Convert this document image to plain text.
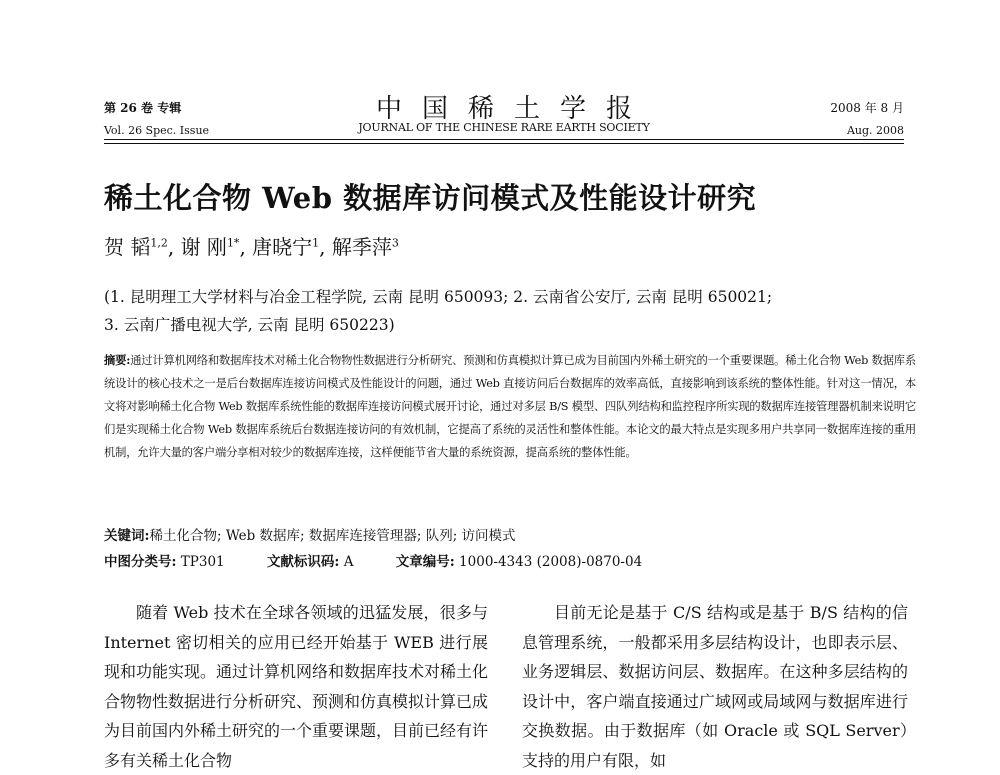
第 26 卷 专辑	中国稀土学报	2008 年 8 月
Vol. 26 Spec. Issue	JOURNAL OF THE CHINESE RARE EARTH SOCIETY	Aug. 2008
稀土化合物 Web 数据库访问模式及性能设计研究
贺 韬$^{1,2}$, 谢 刚$^{1*}$, 唐晓宁$^1$, 解季萍$^3$
(1. 昆明理工大学材料与冶金工程学院, 云南 昆明 650093; 2. 云南省公安厅, 云南 昆明 650021;
3. 云南广播电视大学, 云南 昆明 650223)
摘要:通过计算机网络和数据库技术对稀土化合物物性数据进行分析研究、预测和仿真模拟计算已成为目前国内外稀土研究的一个重要课题。稀土化合物 Web 数据库系统设计的核心技术之一是后台数据库连接访问模式及性能设计的问题，通过 Web 直接访问后台数据库的效率高低，直接影响到该系统的整体性能。针对这一情况，本文将对影响稀土化合物 Web 数据库系统性能的数据库连接访问模式展开讨论，通过对多层 B/S 模型、四队列结构和监控程序所实现的数据库连接管理器机制来说明它们是实现稀土化合物 Web 数据库系统后台数据连接访问的有效机制，它提高了系统的灵活性和整体性能。本论文的最大特点是实现多用户共享同一数据库连接的重用机制，允许大量的客户端分享相对较少的数据库连接，这样便能节省大量的系统资源，提高系统的整体性能。
关键词:稀土化合物; Web 数据库; 数据库连接管理器; 队列; 访问模式
中图分类号: TP301	文献标识码: A	文章编号: 1000-4343 (2008)-0870-04

随着 Web 技术在全球各领域的迅猛发展，很多与 Internet 密切相关的应用已经开始基于 WEB 进行展现和功能实现。通过计算机网络和数据库技术对稀土化合物物性数据进行分析研究、预测和仿真模拟计算已成为目前国内外稀土研究的一个重要课题，目前已经有许多有关稀土化合物

目前无论是基于 C/S 结构或是基于 B/S 结构的信息管理系统，一般都采用多层结构设计，也即表示层、业务逻辑层、数据访问层、数据库。在这种多层结构的设计中，客户端直接通过广域网或局域网与数据库进行交换数据。由于数据库（如 Oracle 或 SQL Server）支持的用户有限，如
